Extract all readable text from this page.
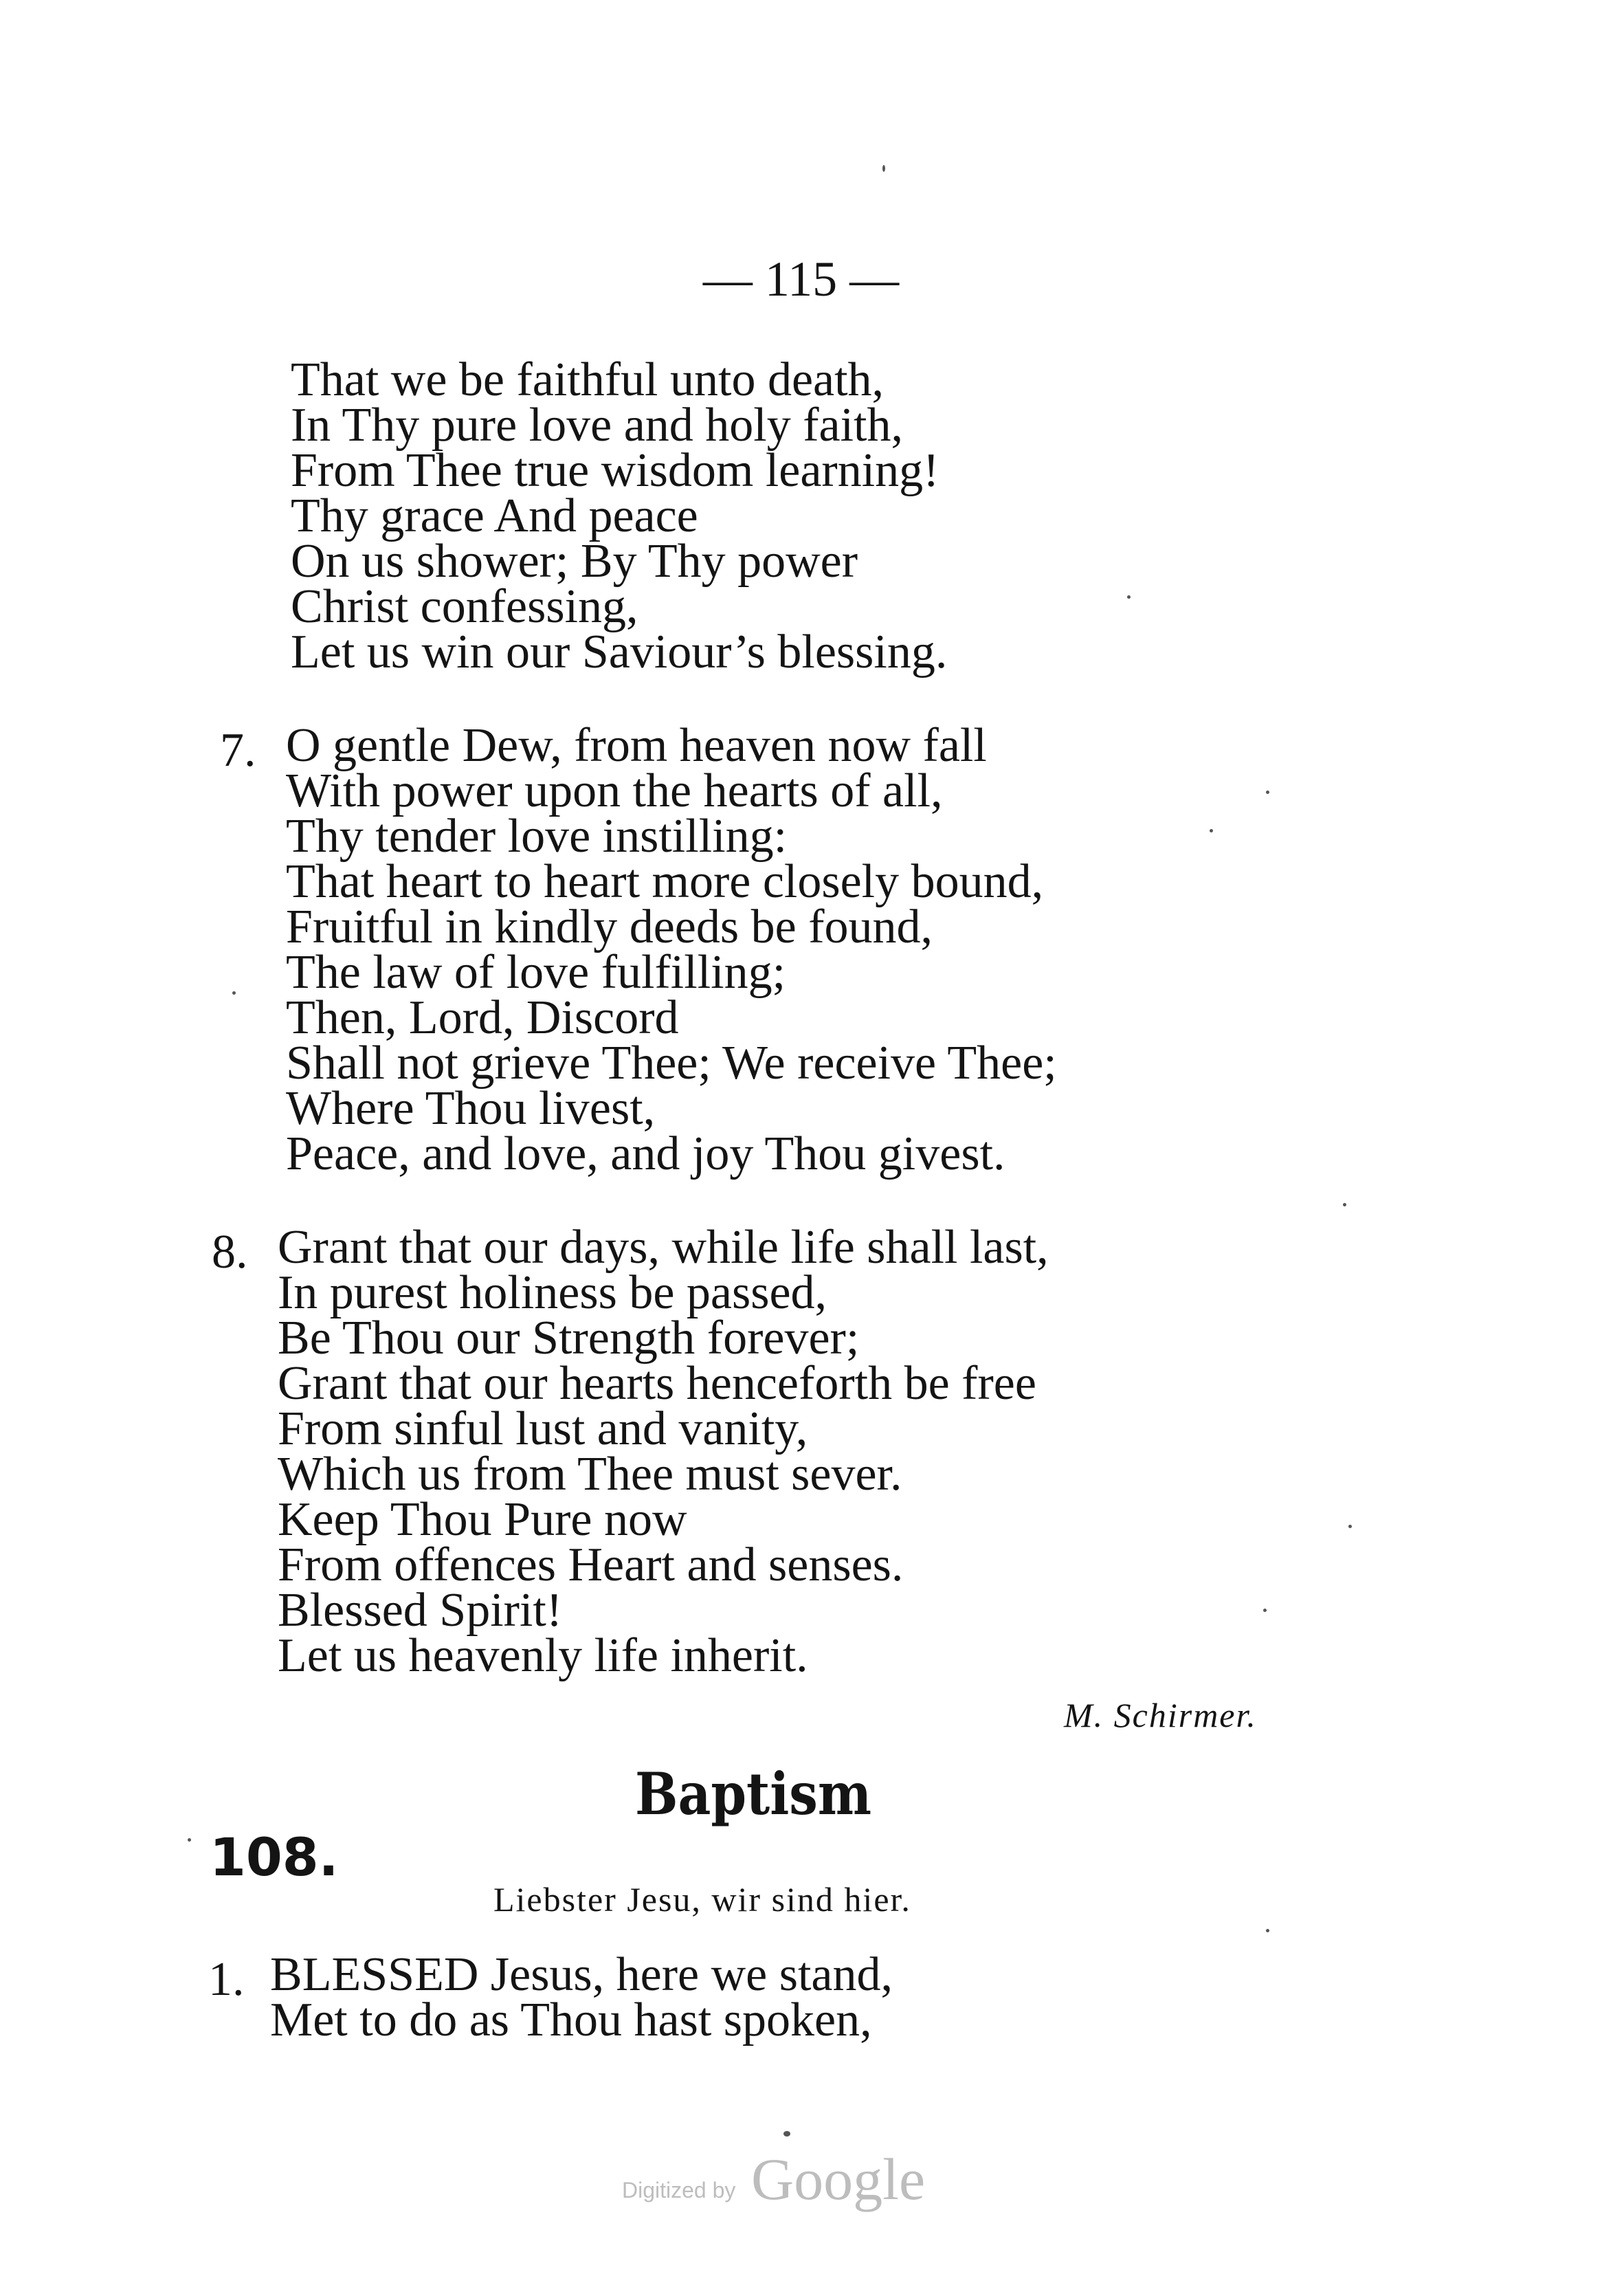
— 115 —
That we be faithful unto death,
In Thy pure love and holy faith,
From Thee true wisdom learning!
Thy grace And peace
On us shower; By Thy power
Christ confessing,
Let us win our Saviour’s blessing.
7. O gentle Dew, from heaven now fall
With power upon the hearts of all,
Thy tender love instilling:
That heart to heart more closely bound,
Fruitful in kindly deeds be found,
The law of love fulfilling;
Then, Lord, Discord
Shall not grieve Thee; We receive Thee;
Where Thou livest,
Peace, and love, and joy Thou givest.
8. Grant that our days, while life shall last,
In purest holiness be passed,
Be Thou our Strength forever;
Grant that our hearts henceforth be free
From sinful lust and vanity,
Which us from Thee must sever.
Keep Thou Pure now
From offences Heart and senses.
Blessed Spirit!
Let us heavenly life inherit.
M. Schirmer.
Baptism
108.
Liebster Jesu, wir sind hier.
1. BLESSED Jesus, here we stand,
Met to do as Thou hast spoken,
Digitized by Google
